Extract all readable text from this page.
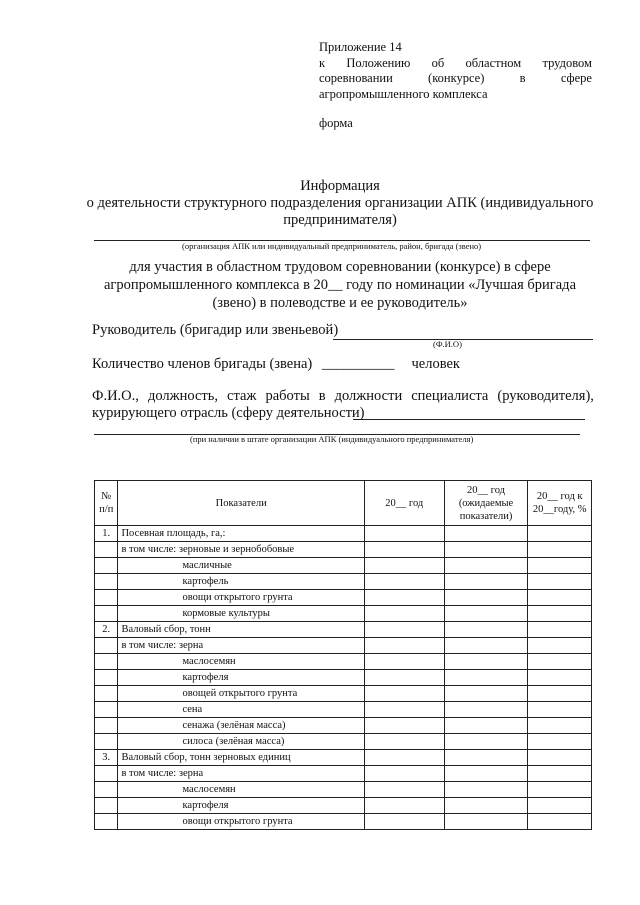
Приложение 14
к Положению об областном трудовом
соревновании	(конкурсе)	в	сфере
агропромышленного комплекса
форма
Информация
о деятельности структурного подразделения организации АПК (индивидуального
предпринимателя)
(организация АПК или индивидуальный предприниматель, район, бригада (звено)
для участия в областном трудовом соревновании (конкурсе) в сфере
агропромышленного комплекса в 20__ году по номинации «Лучшая бригада
(звено) в полеводстве и ее руководитель»
Руководитель (бригадир или звеньевой)
(Ф.И.О)
Количество членов бригады (звена) __________ человек
Ф.И.О., должность, стаж работы в должности специалиста (руководителя),
курирующего отрасль (сферу деятельности)
(при наличии в штате организации АПК (индивидуального предпринимателя)
№ п/п	Показатели	20__ год	20__ год (ожидаемые показатели)	20__ год к 20__году, %
1.	Посевная площадь, га,:			
	в том числе: зерновые и зернобобовые			
	масличные			
	картофель			
	овощи открытого грунта			
	кормовые культуры			
2.	Валовый сбор, тонн			
	в том числе: зерна			
	маслосемян			
	картофеля			
	овощей открытого грунта			
	сена			
	сенажа (зелёная масса)			
	силоса (зелёная масса)			
3.	Валовый сбор, тонн зерновых единиц			
	в том числе: зерна			
	маслосемян			
	картофеля			
	овощи открытого грунта			
